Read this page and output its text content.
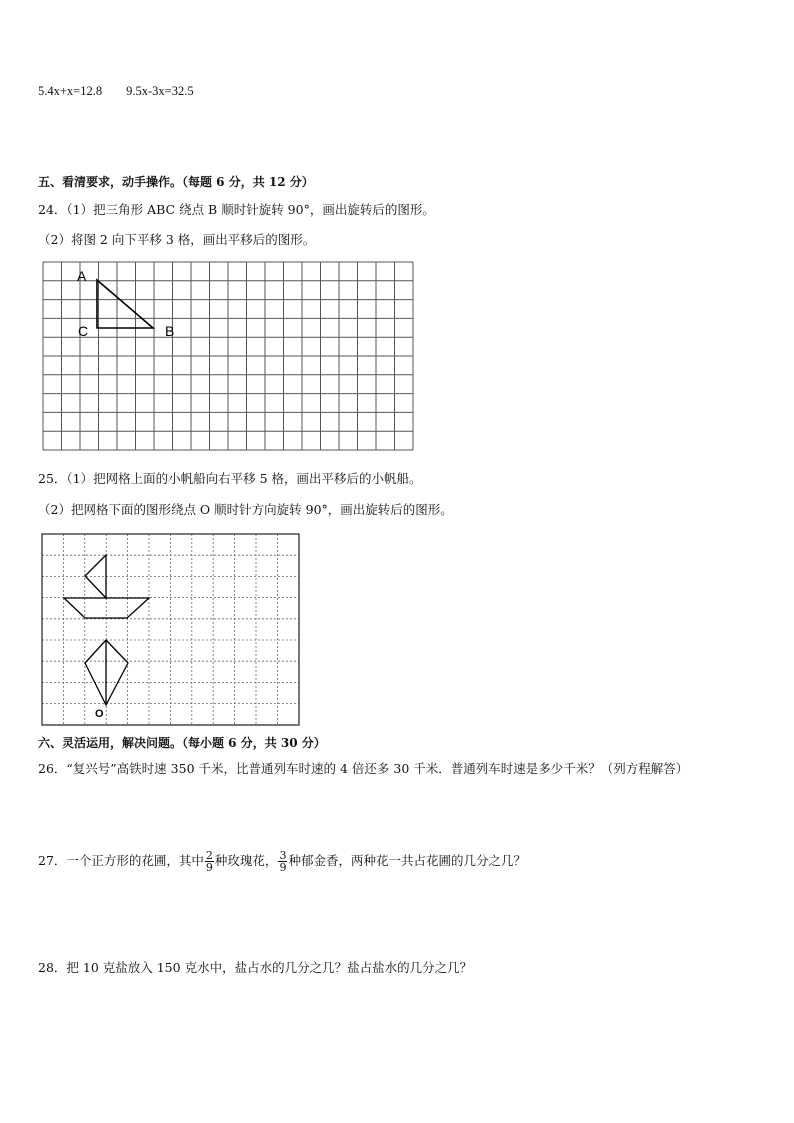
5.4x+x=12.8 9.5x-3x=32.5
五、看清要求，动手操作。（每题 6 分，共 12 分）
24．（1）把三角形 ABC 绕点 B 顺时针旋转 90°，画出旋转后的图形。
（2）将图 2 向下平移 3 格，画出平移后的图形。
A
C	B
25．（1）把网格上面的小帆船向右平移 5 格，画出平移后的小帆船。
（2）把网格下面的图形绕点 O 顺时针方向旋转 90°，画出旋转后的图形。
O
六、灵活运用，解决问题。（每小题 6 分，共 30 分）
26．“复兴号”高铁时速 350 千米，比普通列车时速的 4 倍还多 30 千米．普通列车时速是多少千米？（列方程解答）
27．一个正方形的花圃，其中 $\frac{2}{9}$ 种玫瑰花， $\frac{3}{9}$ 种郁金香，两种花一共占花圃的几分之几？
28．把 10 克盐放入 150 克水中，盐占水的几分之几？盐占盐水的几分之几？
